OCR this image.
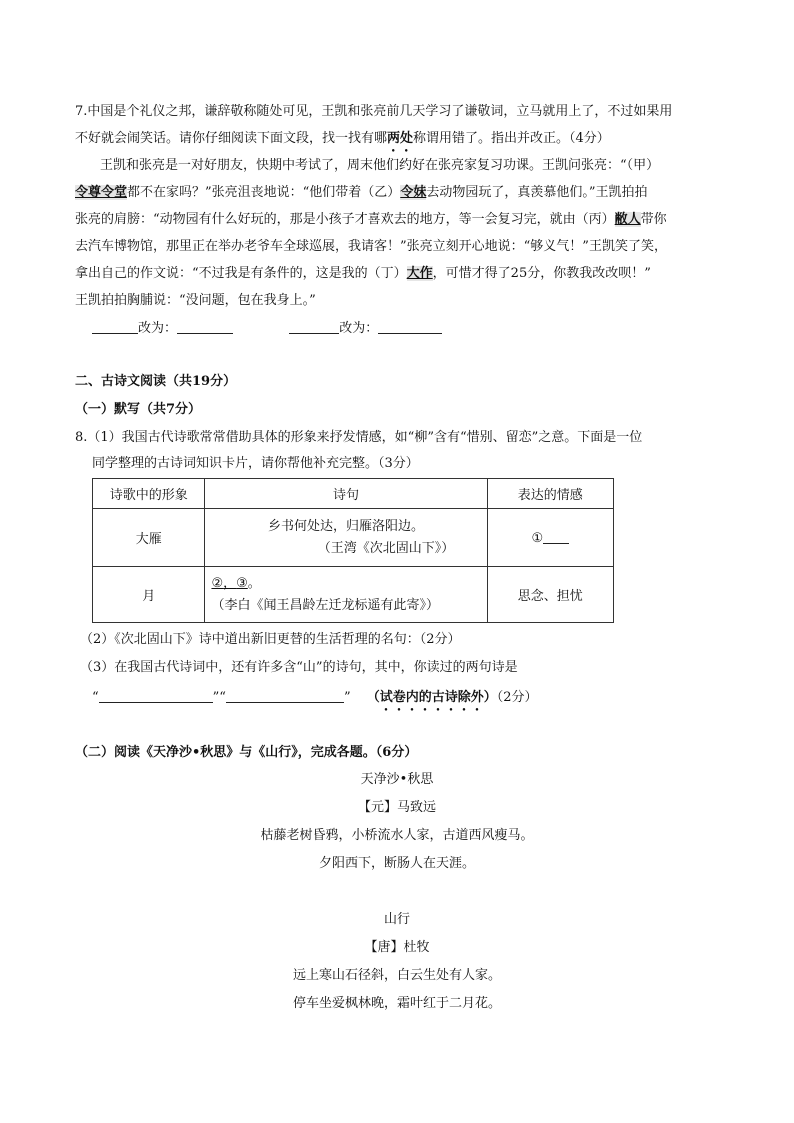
7.中国是个礼仪之邦，谦辞敬称随处可见，王凯和张亮前几天学习了谦敬词，立马就用上了，不过如果用
不好就会闹笑话。请你仔细阅读下面文段，找一找有哪两处称谓用错了。指出并改正。（4分）
王凯和张亮是一对好朋友，快期中考试了，周末他们约好在张亮家复习功课。王凯问张亮：“（甲）
令尊令堂都不在家吗？”张亮沮丧地说：“他们带着（乙）令妹去动物园玩了，真羡慕他们。”王凯拍拍
张亮的肩膀：“动物园有什么好玩的，那是小孩子才喜欢去的地方，等一会复习完，就由（丙）敝人带你
去汽车博物馆，那里正在举办老爷车全球巡展，我请客！”张亮立刻开心地说：“够义气！”王凯笑了笑，
拿出自己的作文说：“不过我是有条件的，这是我的（丁）大作，可惜才得了25分，你教我改改呗！”
王凯拍拍胸脯说：“没问题，包在我身上。”
改为：	改为：
二、古诗文阅读（共19分）
（一）默写（共7分）
8.（1）我国古代诗歌常常借助具体的形象来抒发情感，如“柳”含有“惜别、留恋”之意。下面是一位
同学整理的古诗词知识卡片，请你帮他补充完整。（3分）
诗歌中的形象	诗句	表达的情感
大雁	乡书何处达，归雁洛阳边。
（王湾《次北固山下》）	①
月	②，③。
（李白《闻王昌龄左迁龙标遥有此寄》）	思念、担忧
（2）《次北固山下》诗中道出新旧更替的生活哲理的名句：（2分）
（3）在我国古代诗词中，还有许多含“山”的诗句，其中，你读过的两句诗是
“	”“	” （试卷内的古诗除外）（2分）
（二）阅读《天净沙•秋思》与《山行》，完成各题。（6分）
天净沙•秋思
【元】马致远
枯藤老树昏鸦，小桥流水人家，古道西风瘦马。
夕阳西下，断肠人在天涯。
山行
【唐】杜牧
远上寒山石径斜，白云生处有人家。
停车坐爱枫林晚，霜叶红于二月花。
